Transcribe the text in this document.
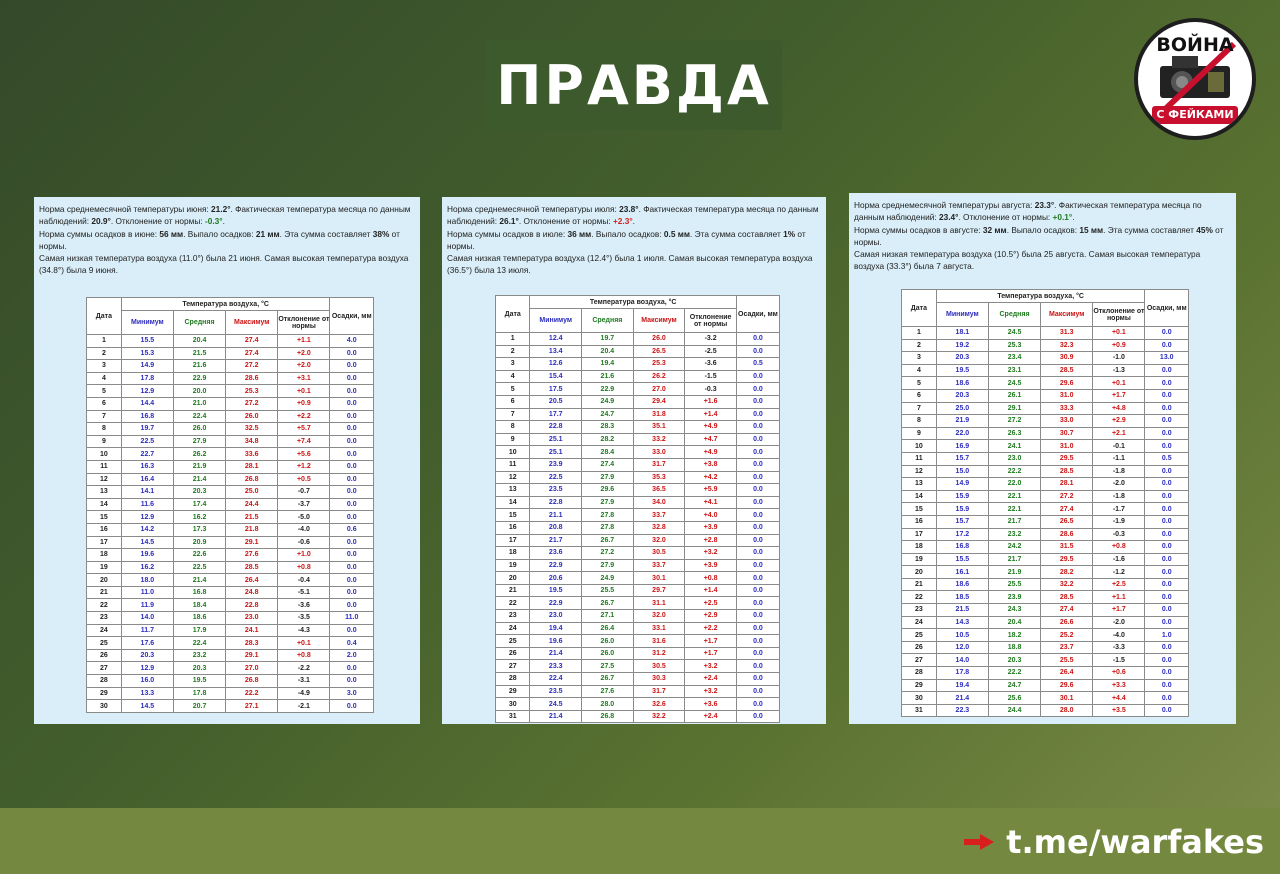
ПРАВДА
ВОЙНА
С ФЕЙКАМИ

Норма среднемесячной температуры июня: 21.2°. Фактическая температура месяца по данным наблюдений: 20.9°. Отклонение от нормы: -0.3°.

Норма суммы осадков в июне: 56 мм. Выпало осадков: 21 мм. Эта сумма составляет 38% от нормы.

Самая низкая температура воздуха (11.0°) была 21 июня. Самая высокая температура воздуха (34.8°) была 9 июня.

Дата	Температура воздуха, °С				Осадки, мм
	Минимум	Средняя	Максимум	Отклонение от нормы	
1	15.5	20.4	27.4	+1.1	4.0
2	15.3	21.5	27.4	+2.0	0.0
3	14.9	21.6	27.2	+2.0	0.0
4	17.8	22.9	28.6	+3.1	0.0
5	12.9	20.0	25.3	+0.1	0.0
6	14.4	21.0	27.2	+0.9	0.0
7	16.8	22.4	26.0	+2.2	0.0
8	19.7	26.0	32.5	+5.7	0.0
9	22.5	27.9	34.8	+7.4	0.0
10	22.7	26.2	33.6	+5.6	0.0
11	16.3	21.9	28.1	+1.2	0.0
12	16.4	21.4	26.8	+0.5	0.0
13	14.1	20.3	25.0	-0.7	0.0
14	11.6	17.4	24.4	-3.7	0.0
15	12.9	16.2	21.5	-5.0	0.0
16	14.2	17.3	21.8	-4.0	0.6
17	14.5	20.9	29.1	-0.6	0.0
18	19.6	22.6	27.6	+1.0	0.0
19	16.2	22.5	28.5	+0.8	0.0
20	18.0	21.4	26.4	-0.4	0.0
21	11.0	16.8	24.8	-5.1	0.0
22	11.9	18.4	22.8	-3.6	0.0
23	14.0	18.6	23.0	-3.5	11.0
24	11.7	17.9	24.1	-4.3	0.0
25	17.6	22.4	28.3	+0.1	0.4
26	20.3	23.2	29.1	+0.8	2.0
27	12.9	20.3	27.0	-2.2	0.0
28	16.0	19.5	26.8	-3.1	0.0
29	13.3	17.8	22.2	-4.9	3.0
30	14.5	20.7	27.1	-2.1	0.0

Норма среднемесячной температуры июля: 23.8°. Фактическая температура месяца по данным наблюдений: 26.1°. Отклонение от нормы: +2.3°.

Норма суммы осадков в июле: 36 мм. Выпало осадков: 0.5 мм. Эта сумма составляет 1% от нормы.

Самая низкая температура воздуха (12.4°) была 1 июля. Самая высокая температура воздуха (36.5°) была 13 июля.

Дата	Температура воздуха, °С				Осадки, мм
	Минимум	Средняя	Максимум	Отклонение от нормы	
1	12.4	19.7	26.0	-3.2	0.0
2	13.4	20.4	26.5	-2.5	0.0
3	12.6	19.4	25.3	-3.6	0.5
4	15.4	21.6	26.2	-1.5	0.0
5	17.5	22.9	27.0	-0.3	0.0
6	20.5	24.9	29.4	+1.6	0.0
7	17.7	24.7	31.8	+1.4	0.0
8	22.8	28.3	35.1	+4.9	0.0
9	25.1	28.2	33.2	+4.7	0.0
10	25.1	28.4	33.0	+4.9	0.0
11	23.9	27.4	31.7	+3.8	0.0
12	22.5	27.9	35.3	+4.2	0.0
13	23.5	29.6	36.5	+5.9	0.0
14	22.8	27.9	34.0	+4.1	0.0
15	21.1	27.8	33.7	+4.0	0.0
16	20.8	27.8	32.8	+3.9	0.0
17	21.7	26.7	32.0	+2.8	0.0
18	23.6	27.2	30.5	+3.2	0.0
19	22.9	27.9	33.7	+3.9	0.0
20	20.6	24.9	30.1	+0.8	0.0
21	19.5	25.5	29.7	+1.4	0.0
22	22.9	26.7	31.1	+2.5	0.0
23	23.0	27.1	32.0	+2.9	0.0
24	19.4	26.4	33.1	+2.2	0.0
25	19.6	26.0	31.6	+1.7	0.0
26	21.4	26.0	31.2	+1.7	0.0
27	23.3	27.5	30.5	+3.2	0.0
28	22.4	26.7	30.3	+2.4	0.0
29	23.5	27.6	31.7	+3.2	0.0
30	24.5	28.0	32.6	+3.6	0.0
31	21.4	26.8	32.2	+2.4	0.0

Норма среднемесячной температуры августа: 23.3°. Фактическая температура месяца по данным наблюдений: 23.4°. Отклонение от нормы: +0.1°.

Норма суммы осадков в августе: 32 мм. Выпало осадков: 15 мм. Эта сумма составляет 45% от нормы.

Самая низкая температура воздуха (10.5°) была 25 августа. Самая высокая температура воздуха (33.3°) была 7 августа.

Дата	Температура воздуха, °С				Осадки, мм
	Минимум	Средняя	Максимум	Отклонение от нормы	
1	18.1	24.5	31.3	+0.1	0.0
2	19.2	25.3	32.3	+0.9	0.0
3	20.3	23.4	30.9	-1.0	13.0
4	19.5	23.1	28.5	-1.3	0.0
5	18.6	24.5	29.6	+0.1	0.0
6	20.3	26.1	31.0	+1.7	0.0
7	25.0	29.1	33.3	+4.8	0.0
8	21.9	27.2	33.0	+2.9	0.0
9	22.0	26.3	30.7	+2.1	0.0
10	16.9	24.1	31.0	-0.1	0.0
11	15.7	23.0	29.5	-1.1	0.5
12	15.0	22.2	28.5	-1.8	0.0
13	14.9	22.0	28.1	-2.0	0.0
14	15.9	22.1	27.2	-1.8	0.0
15	15.9	22.1	27.4	-1.7	0.0
16	15.7	21.7	26.5	-1.9	0.0
17	17.2	23.2	28.6	-0.3	0.0
18	16.8	24.2	31.5	+0.8	0.0
19	15.5	21.7	29.5	-1.6	0.0
20	16.1	21.9	28.2	-1.2	0.0
21	18.6	25.5	32.2	+2.5	0.0
22	18.5	23.9	28.5	+1.1	0.0
23	21.5	24.3	27.4	+1.7	0.0
24	14.3	20.4	26.6	-2.0	0.0
25	10.5	18.2	25.2	-4.0	1.0
26	12.0	18.8	23.7	-3.3	0.0
27	14.0	20.3	25.5	-1.5	0.0
28	17.8	22.2	26.4	+0.6	0.0
29	19.4	24.7	29.6	+3.3	0.0
30	21.4	25.6	30.1	+4.4	0.0
31	22.3	24.4	28.0	+3.5	0.0
t.me/warfakes
